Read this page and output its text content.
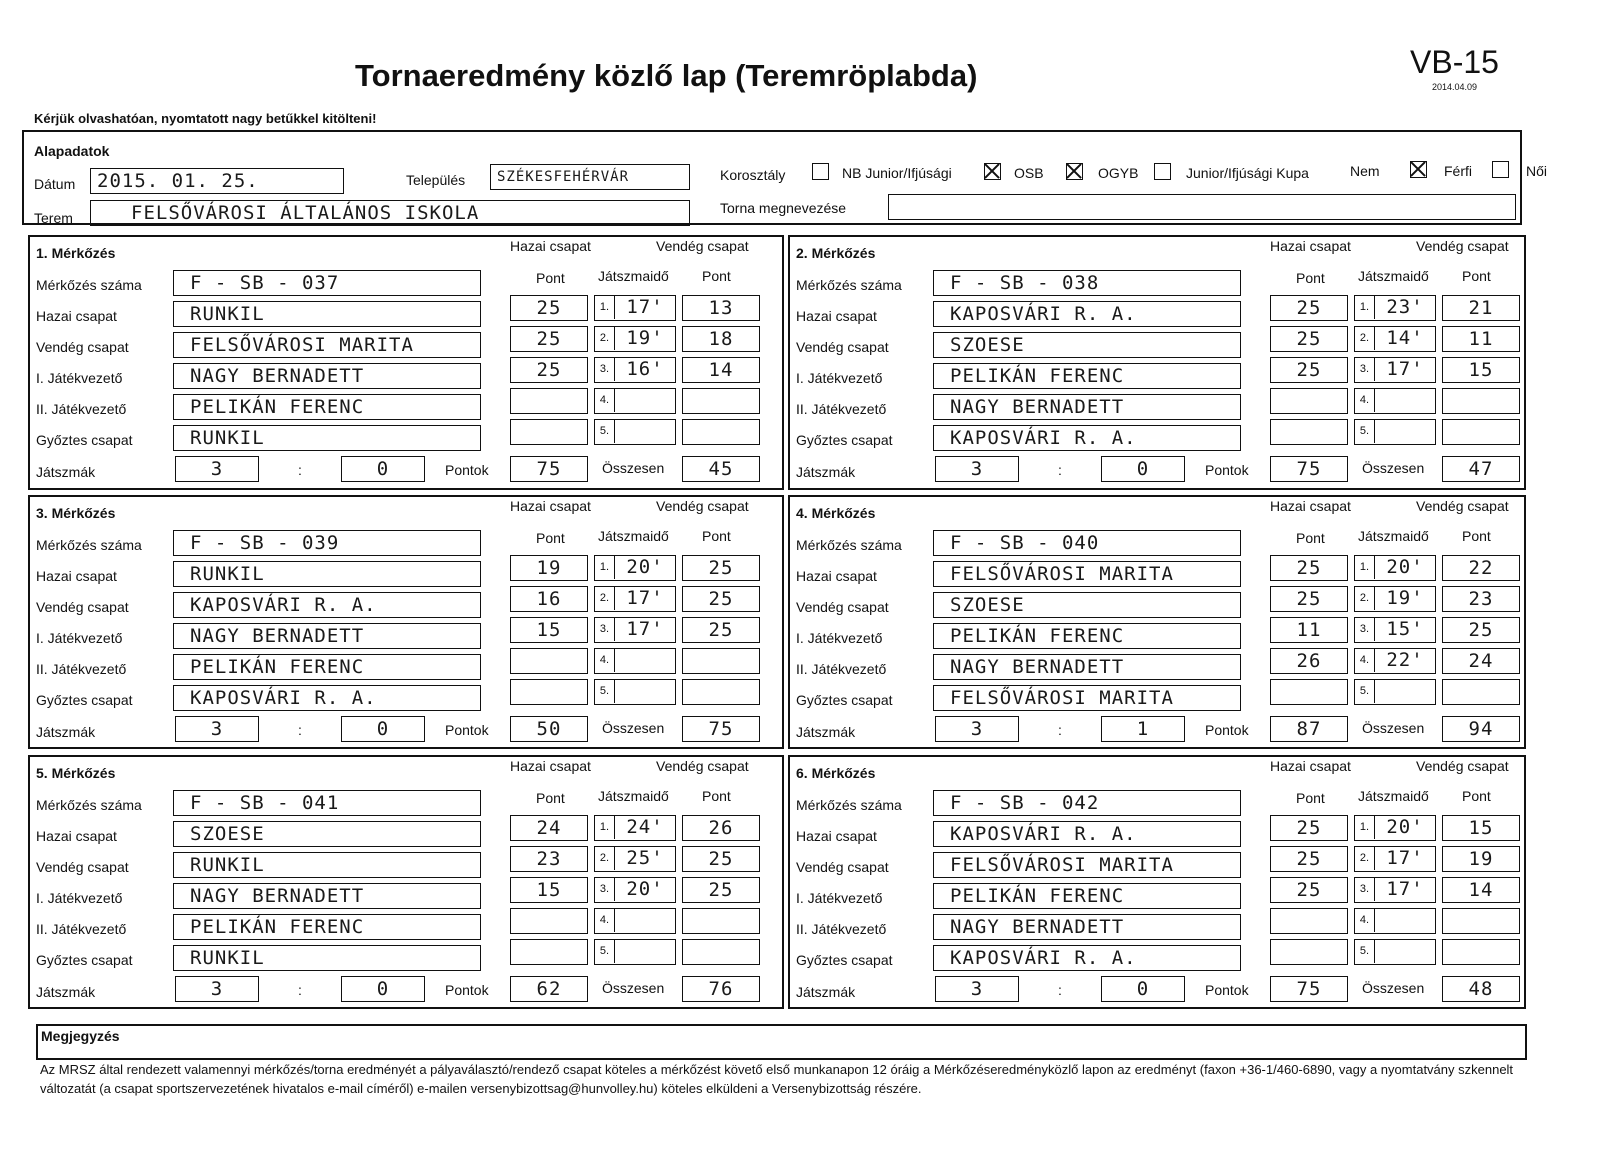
Tornaeredmény közlő lap (Teremröplabda)	VB-15
2014.04.09
Kérjük olvashatóan, nyomtatott nagy betűkkel kitölteni!
Alapadatok
Dátum	2015. 01. 25.	Település	SZÉKESFEHÉRVÁR
Terem	FELSŐVÁROSI ÁLTALÁNOS ISKOLA
Korosztály	NB Junior/Ifjúsági	OSB	OGYB	Junior/Ifjúsági Kupa	Nem	Férfi	Női
Torna megnevezése
1. Mérkőzés	Hazai csapat	Vendég csapat
Pont Játszmaidő Pont
Mérkőzés száma	F - SB - 037
Hazai csapat	RUNKIL
Vendég csapat	FELSŐVÁROSI MARITA
I. Játékvezető	NAGY BERNADETT
II. Játékvezető	PELIKÁN FERENC
Győztes csapat	RUNKIL
Játszmák	3	:	0	Pontok	75	Összesen	45
25	1. 17'	13
25	2. 19'	18
25	3. 16'	14
4.
5.
2. Mérkőzés	Hazai csapat	Vendég csapat
Pont Játszmaidő Pont
Mérkőzés száma	F - SB - 038
Hazai csapat	KAPOSVÁRI R. A.
Vendég csapat	SZOESE
I. Játékvezető	PELIKÁN FERENC
II. Játékvezető	NAGY BERNADETT
Győztes csapat	KAPOSVÁRI R. A.
Játszmák	3	:	0	Pontok	75	Összesen	47
25	1. 23'	21
25	2. 14'	11
25	3. 17'	15
4.
5.
3. Mérkőzés	Hazai csapat	Vendég csapat
Pont Játszmaidő Pont
Mérkőzés száma	F - SB - 039
Hazai csapat	RUNKIL
Vendég csapat	KAPOSVÁRI R. A.
I. Játékvezető	NAGY BERNADETT
II. Játékvezető	PELIKÁN FERENC
Győztes csapat	KAPOSVÁRI R. A.
Játszmák	3	:	0	Pontok	50	Összesen	75
19	1. 20'	25
16	2. 17'	25
15	3. 17'	25
4.
5.
4. Mérkőzés	Hazai csapat	Vendég csapat
Pont Játszmaidő Pont
Mérkőzés száma	F - SB - 040
Hazai csapat	FELSŐVÁROSI MARITA
Vendég csapat	SZOESE
I. Játékvezető	PELIKÁN FERENC
II. Játékvezető	NAGY BERNADETT
Győztes csapat	FELSŐVÁROSI MARITA
Játszmák	3	:	1	Pontok	87	Összesen	94
25	1. 20'	22
25	2. 19'	23
11	3. 15'	25
26	4. 22'	24
5.
5. Mérkőzés	Hazai csapat	Vendég csapat
Pont Játszmaidő Pont
Mérkőzés száma	F - SB - 041
Hazai csapat	SZOESE
Vendég csapat	RUNKIL
I. Játékvezető	NAGY BERNADETT
II. Játékvezető	PELIKÁN FERENC
Győztes csapat	RUNKIL
Játszmák	3	:	0	Pontok	62	Összesen	76
24	1. 24'	26
23	2. 25'	25
15	3. 20'	25
4.
5.
6. Mérkőzés	Hazai csapat	Vendég csapat
Pont Játszmaidő Pont
Mérkőzés száma	F - SB - 042
Hazai csapat	KAPOSVÁRI R. A.
Vendég csapat	FELSŐVÁROSI MARITA
I. Játékvezető	PELIKÁN FERENC
II. Játékvezető	NAGY BERNADETT
Győztes csapat	KAPOSVÁRI R. A.
Játszmák	3	:	0	Pontok	75	Összesen	48
25	1. 20'	15
25	2. 17'	19
25	3. 17'	14
4.
5.
Megjegyzés
Az MRSZ által rendezett valamennyi mérkőzés/torna eredményét a pályaválasztó/rendező csapat köteles a mérkőzést követő első munkanapon 12 óráig a Mérkőzéseredményközlő lapon az eredményt (faxon +36-1/460-6890, vagy a nyomtatvány szkennelt változatát (a csapat sportszervezetének hivatalos e-mail címéről) e-mailen versenybizottsag@hunvolley.hu) köteles elküldeni a Versenybizottság részére.
